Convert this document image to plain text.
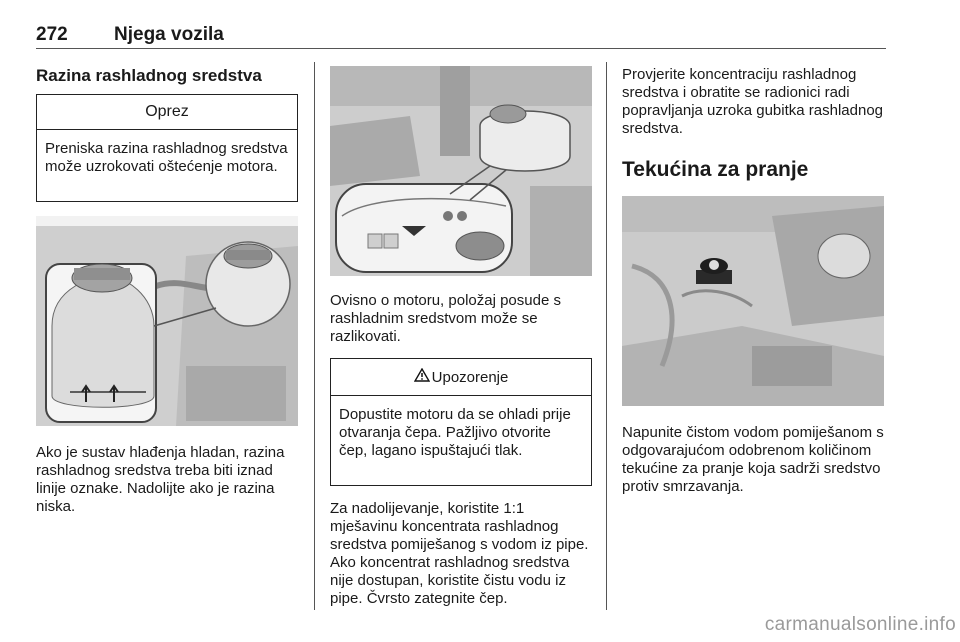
272 Njega vozila
Razina rashladnog sredstva
Oprez
Preniska razina rashladnog sredstva može uzrokovati oštećenje motora.

Ako je sustav hlađenja hladan, razina rashladnog sredstva treba biti iznad linije oznake. Nadolijte ako je razina niska.

Ovisno o motoru, položaj posude s rashladnim sredstvom može se razlikovati.

Upozorenje
Dopustite motoru da se ohladi prije otvaranja čepa. Pažljivo otvorite čep, lagano ispuštajući tlak.

Za nadolijevanje, koristite 1:1 mješavinu koncentrata rashladnog sredstva pomiješanog s vodom iz pipe. Ako koncentrat rashladnog sredstva nije dostupan, koristite čistu vodu iz pipe. Čvrsto zategnite čep.

Provjerite koncentraciju rashladnog sredstva i obratite se radionici radi popravljanja uzroka gubitka rashladnog sredstva.

Tekućina za pranje

Napunite čistom vodom pomiješanom s odgovarajućom odobrenom količinom tekućine za pranje koja sadrži sredstvo protiv smrzavanja.

carmanualsonline.info
